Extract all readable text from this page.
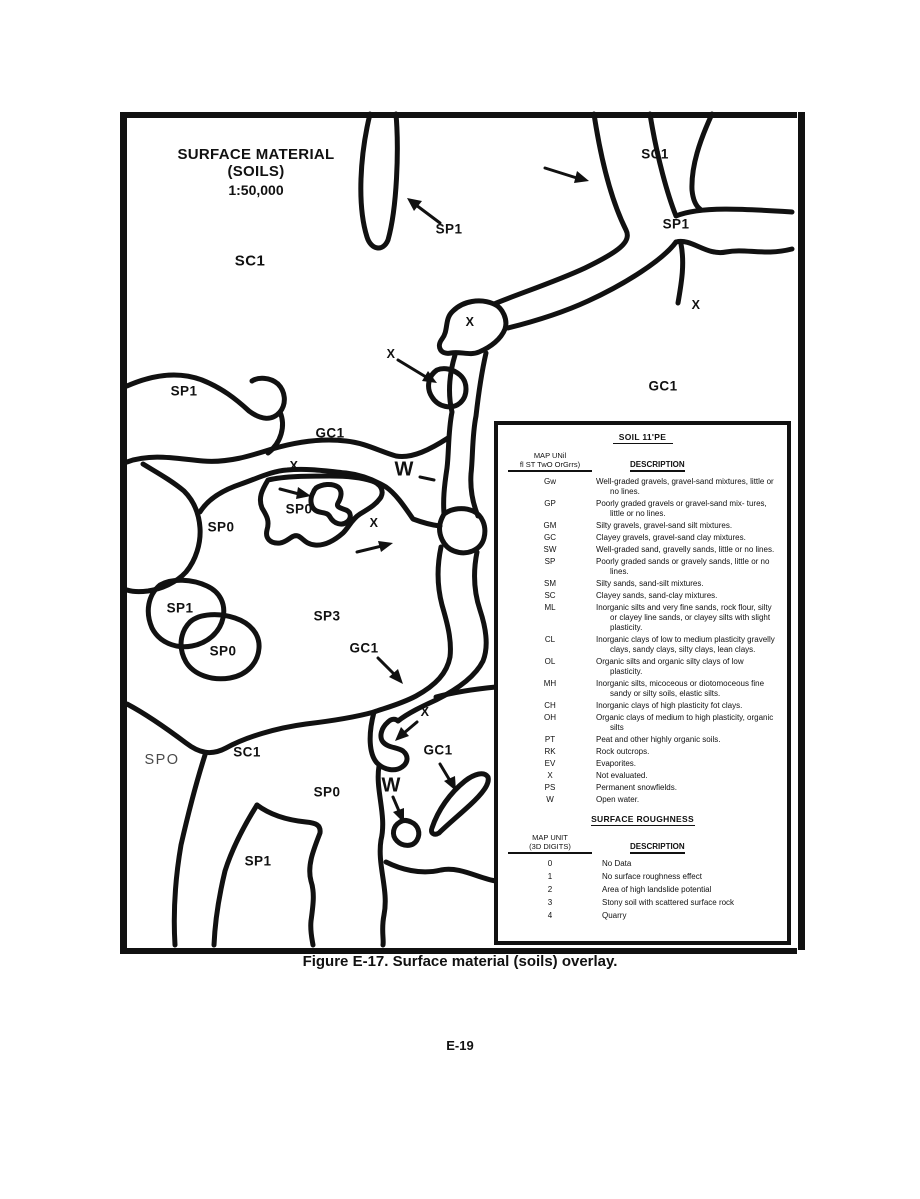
SURFACE MATERIAL (SOILS)
1:50,000
SC1
SP1
SC1
SP1
X
X
X
GC1
SP1
GC1
X	W
SP0
X
SP0
SP1
SP3
SP0	GC1
X
SPO	SC1	GC1
SP0 W
SP1
SOIL 11'PE
MAP UNil
fl ST TwO OrGrrs)	DESCRIPTION
Gw	Well-graded gravels, gravel-sand mixtures, little or no lines.
GP	Poorly graded gravels or gravel-sand mix- tures, little or no lines.
GM	Silty gravels, gravel-sand silt mixtures.
GC	Clayey gravels, gravel-sand clay mixtures.
SW	Well-graded sand, gravelly sands, little or no lines.
SP	Poorly graded sands or gravely sands, little or no lines.
SM	Silty sands, sand-silt mixtures.
SC	Clayey sands, sand-clay mixtures.
ML	Inorganic silts and very fine sands, rock flour, silty or clayey line sands, or clayey silts with slight plasticity.
CL	Inorganic clays of low to medium plasticity gravelly clays, sandy clays, silty clays, lean clays.
OL	Organic silts and organic silty clays of low plasticity.
MH	Inorganic silts, micoceous or diotomoceous fine sandy or silty soils, elastic silts.
CH	Inorganic clays of high plasticity fot clays.
OH	Organic clays of medium to high plasticity, organic silts
PT	Peat and other highly organic soils.
RK	Rock outcrops.
EV	Evaporites.
X	Not evaluated.
PS	Permanent snowfields.
W	Open water.
SURFACE ROUGHNESS
MAP UNIT
(3D DIGITS)	DESCRIPTION
0	No Data
1	No surface roughness effect
2	Area of high landslide potential
3	Stony soil with scattered surface rock
4	Quarry
Figure E-17. Surface material (soils) overlay.
E-19
